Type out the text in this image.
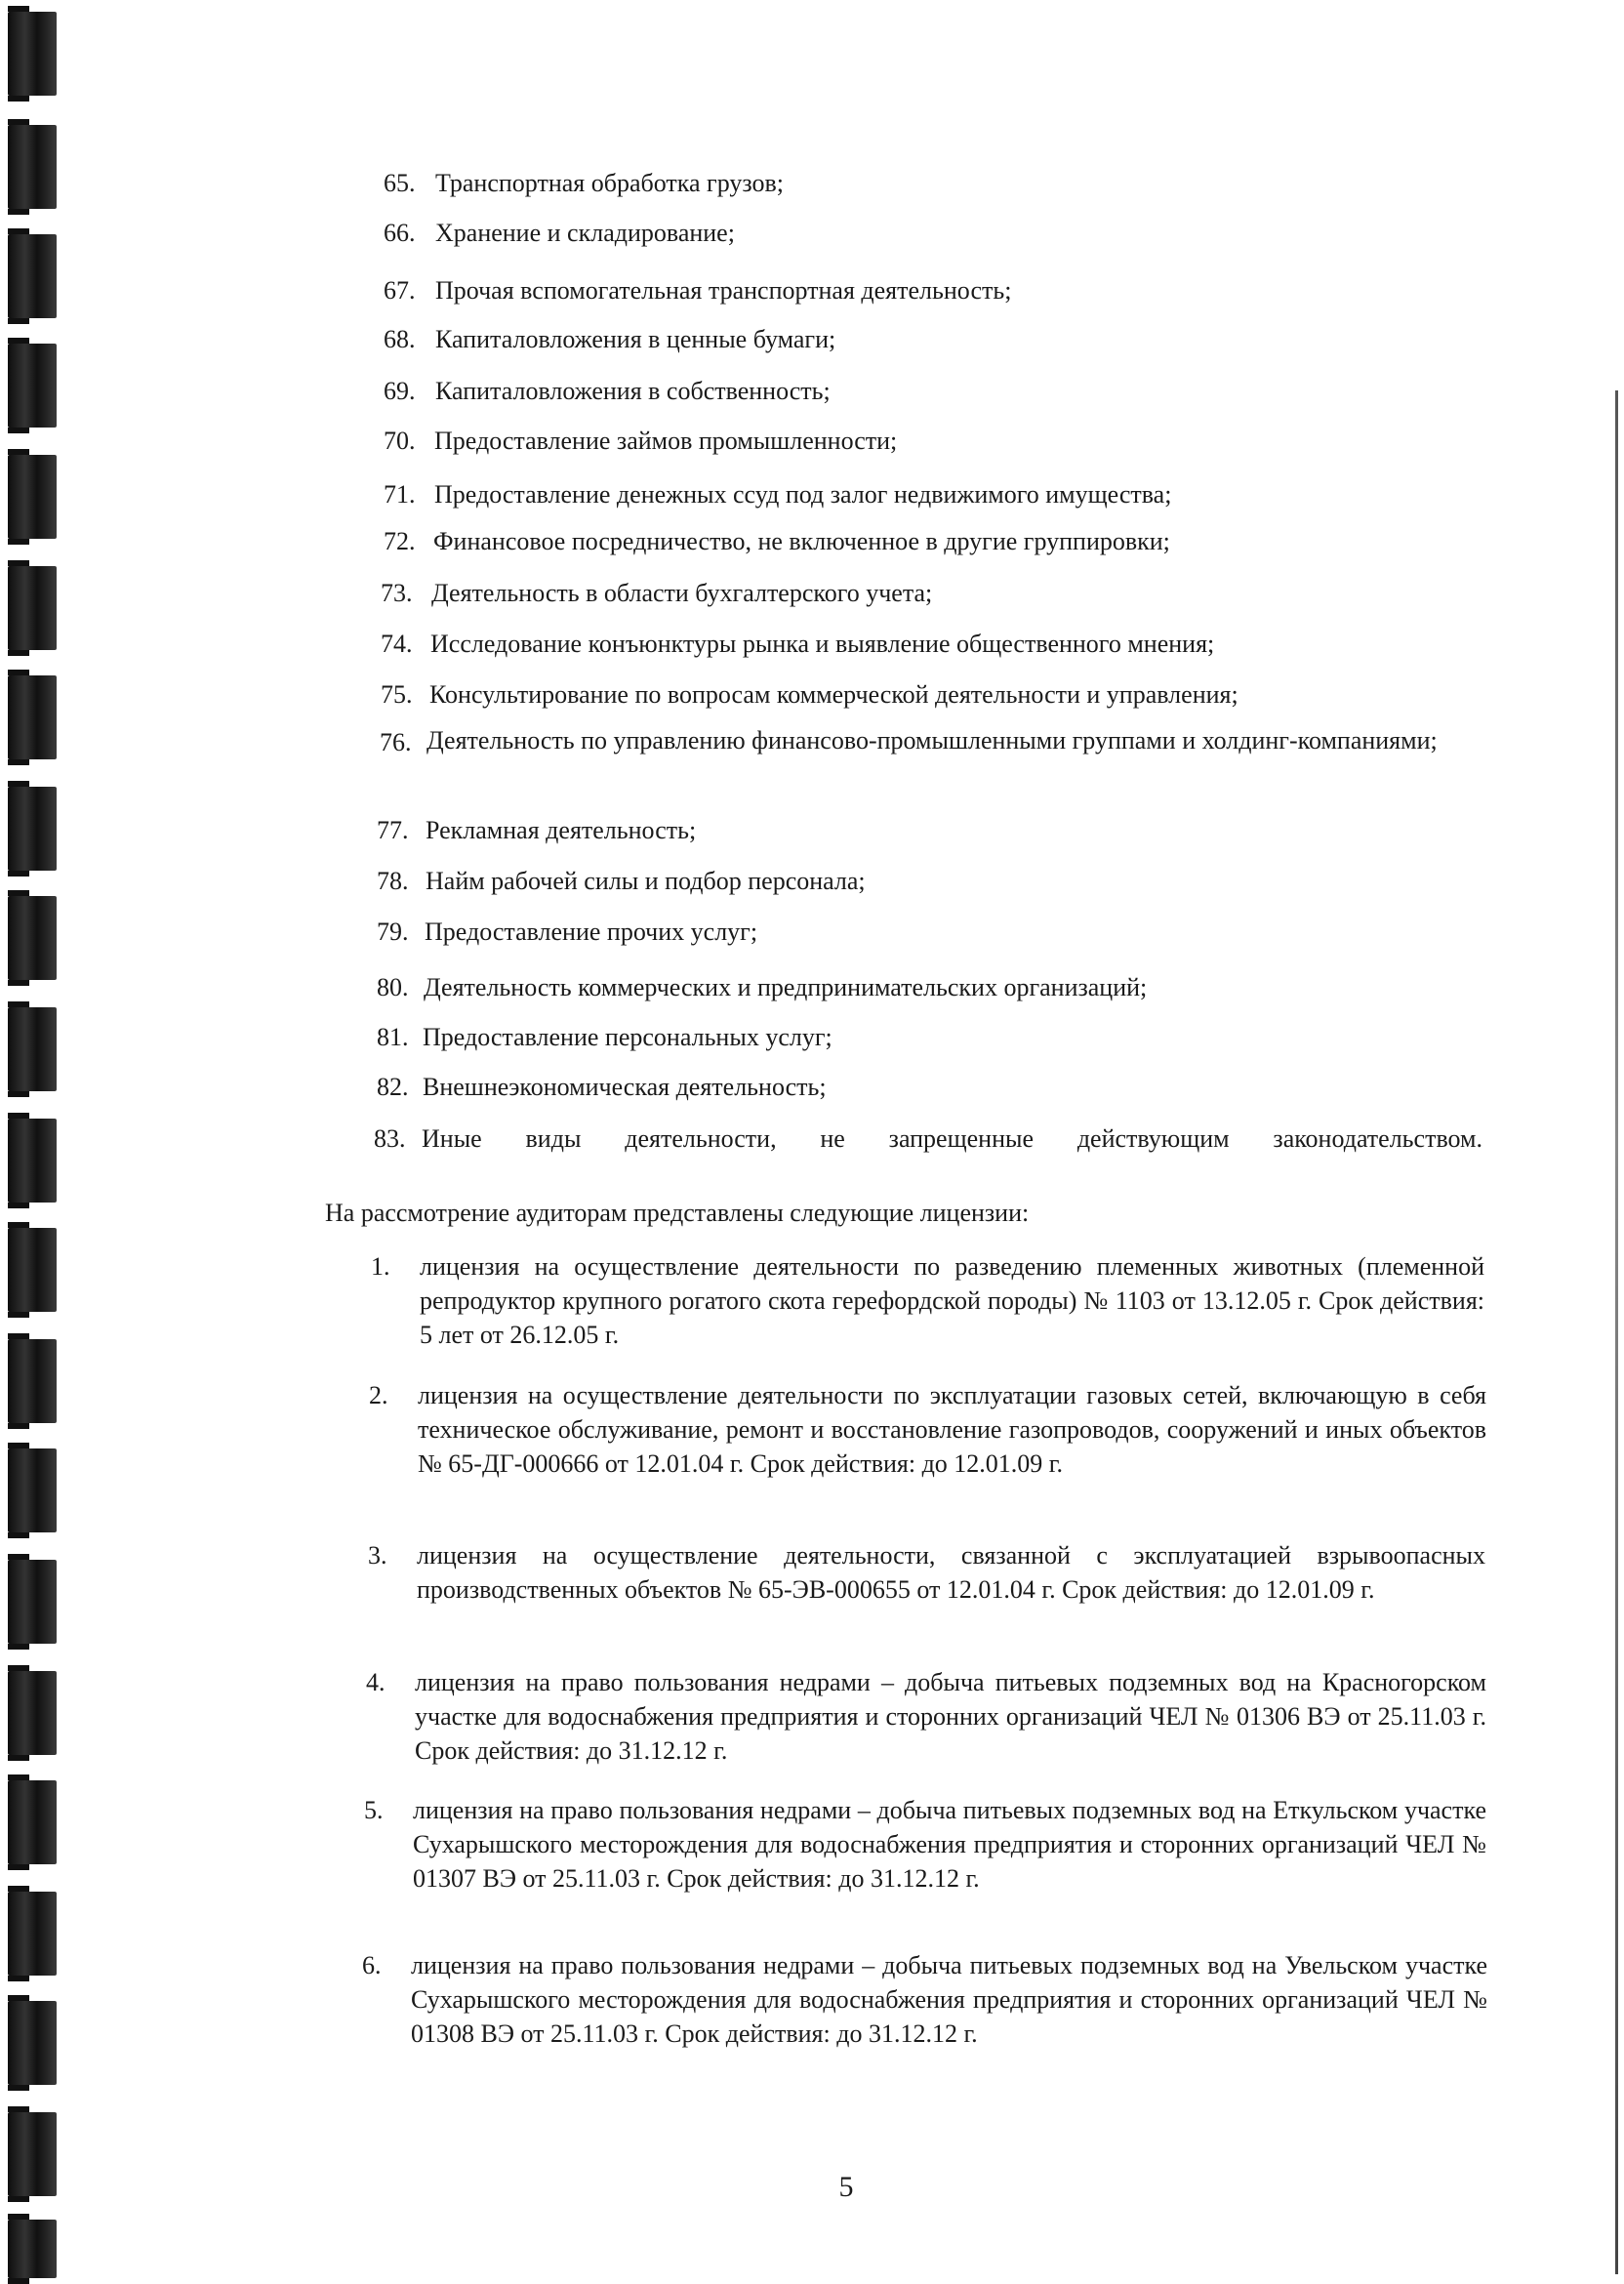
65. Транспортная обработка грузов;
66. Хранение и складирование;
67. Прочая вспомогательная транспортная деятельность;
68. Капиталовложения в ценные бумаги;
69. Капиталовложения в собственность;
70. Предоставление займов промышленности;
71. Предоставление денежных ссуд под залог недвижимого имущества;
72. Финансовое посредничество, не включенное в другие группировки;
73. Деятельность в области бухгалтерского учета;
74. Исследование конъюнктуры рынка и выявление общественного мнения;
75. Консультирование по вопросам коммерческой деятельности и управления;
76. Деятельность по управлению финансово-промышленными группами и холдинг-компаниями;
77. Рекламная деятельность;
78. Найм рабочей силы и подбор персонала;
79. Предоставление прочих услуг;
80. Деятельность коммерческих и предпринимательских организаций;
81. Предоставление персональных услуг;
82. Внешнеэкономическая деятельность;
83. Иные виды деятельности, не запрещенные действующим законодательством.
На рассмотрение аудиторам представлены следующие лицензии:
1. лицензия на осуществление деятельности по разведению племенных животных (племенной репродуктор крупного рогатого скота герефордской породы) № 1103 от 13.12.05 г. Срок действия: 5 лет от 26.12.05 г.
2. лицензия на осуществление деятельности по эксплуатации газовых сетей, включающую в себя техническое обслуживание, ремонт и восстановление газопроводов, сооружений и иных объектов № 65-ДГ-000666 от 12.01.04 г. Срок действия: до 12.01.09 г.
3. лицензия на осуществление деятельности, связанной с эксплуатацией взрывоопасных производственных объектов № 65-ЭВ-000655 от 12.01.04 г. Срок действия: до 12.01.09 г.
4. лицензия на право пользования недрами – добыча питьевых подземных вод на Красногорском участке для водоснабжения предприятия и сторонних организаций ЧЕЛ № 01306 ВЭ от 25.11.03 г. Срок действия: до 31.12.12 г.
5. лицензия на право пользования недрами – добыча питьевых подземных вод на Еткульском участке Сухарышского месторождения для водоснабжения предприятия и сторонних организаций ЧЕЛ № 01307 ВЭ от 25.11.03 г. Срок действия: до 31.12.12 г.
6. лицензия на право пользования недрами – добыча питьевых подземных вод на Увельском участке Сухарышского месторождения для водоснабжения предприятия и сторонних организаций ЧЕЛ № 01308 ВЭ от 25.11.03 г. Срок действия: до 31.12.12 г.
5
